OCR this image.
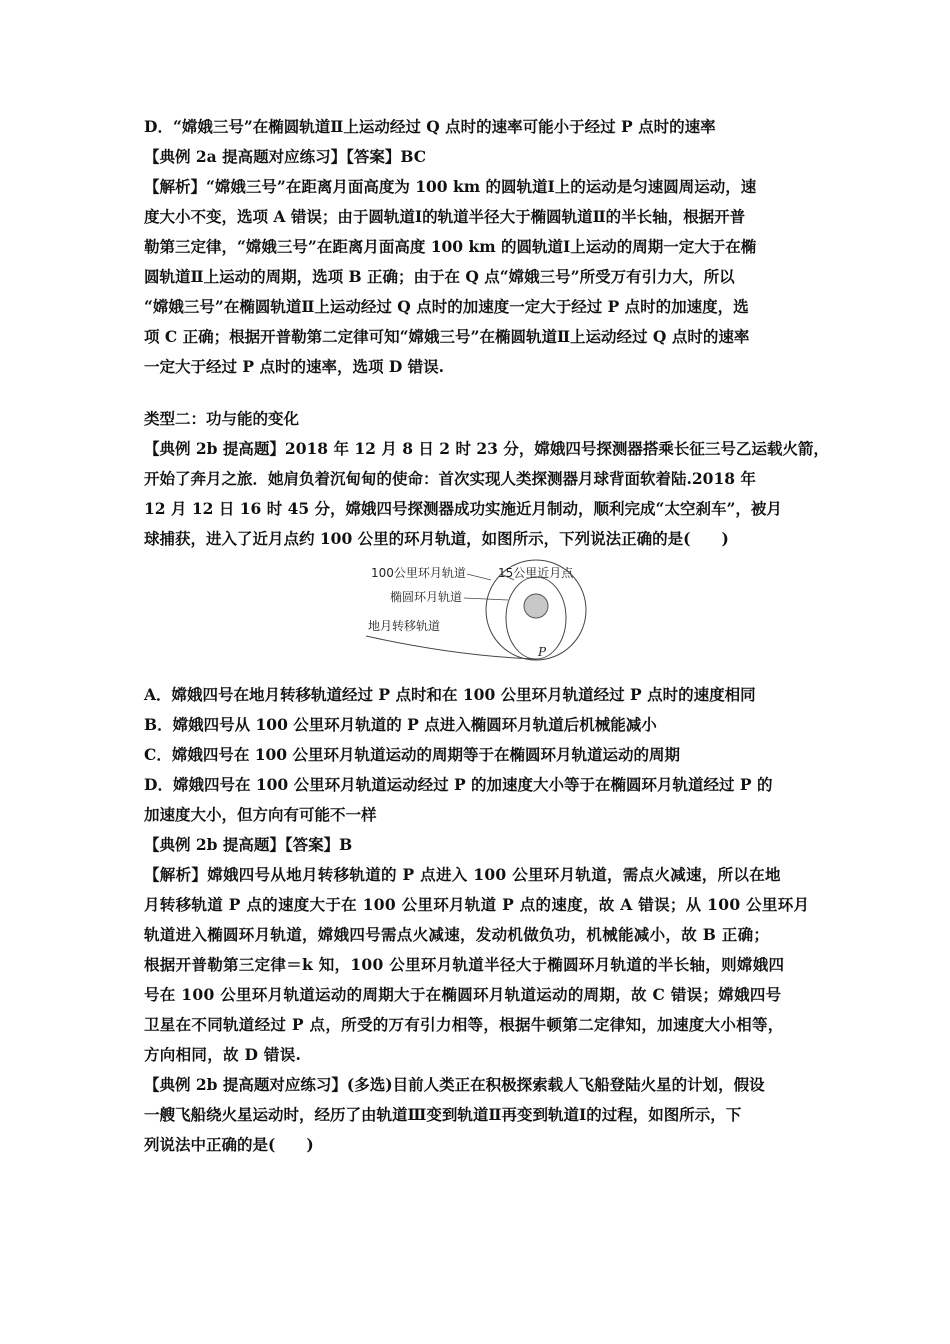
D．“嫦娥三号”在椭圆轨道Ⅱ上运动经过 Q 点时的速率可能小于经过 P 点时的速率
【典例 2a 提高题对应练习】【答案】BC
【解析】“嫦娥三号”在距离月面高度为 100 km 的圆轨道Ⅰ上的运动是匀速圆周运动，速
度大小不变，选项 A 错误；由于圆轨道Ⅰ的轨道半径大于椭圆轨道Ⅱ的半长轴，根据开普
勒第三定律，“嫦娥三号”在距离月面高度 100 km 的圆轨道Ⅰ上运动的周期一定大于在椭
圆轨道Ⅱ上运动的周期，选项 B 正确；由于在 Q 点“嫦娥三号”所受万有引力大，所以
“嫦娥三号”在椭圆轨道Ⅱ上运动经过 Q 点时的加速度一定大于经过 P 点时的加速度，选
项 C 正确；根据开普勒第二定律可知“嫦娥三号”在椭圆轨道Ⅱ上运动经过 Q 点时的速率
一定大于经过 P 点时的速率，选项 D 错误.
类型二：功与能的变化
【典例 2b 提高题】2018 年 12 月 8 日 2 时 23 分，嫦娥四号探测器搭乘长征三号乙运载火箭，
开始了奔月之旅．她肩负着沉甸甸的使命：首次实现人类探测器月球背面软着陆.2018 年
12 月 12 日 16 时 45 分，嫦娥四号探测器成功实施近月制动，顺利完成“太空刹车”，被月
球捕获，进入了近月点约 100 公里的环月轨道，如图所示，下列说法正确的是(　　)
100公里环月轨道	15公里近月点
椭圆环月轨道
地月转移轨道
P
A．嫦娥四号在地月转移轨道经过 P 点时和在 100 公里环月轨道经过 P 点时的速度相同
B．嫦娥四号从 100 公里环月轨道的 P 点进入椭圆环月轨道后机械能减小
C．嫦娥四号在 100 公里环月轨道运动的周期等于在椭圆环月轨道运动的周期
D．嫦娥四号在 100 公里环月轨道运动经过 P 的加速度大小等于在椭圆环月轨道经过 P 的
加速度大小，但方向有可能不一样
【典例 2b 提高题】【答案】B
【解析】嫦娥四号从地月转移轨道的 P 点进入 100 公里环月轨道，需点火减速，所以在地
月转移轨道 P 点的速度大于在 100 公里环月轨道 P 点的速度，故 A 错误；从 100 公里环月
轨道进入椭圆环月轨道，嫦娥四号需点火减速，发动机做负功，机械能减小，故 B 正确；
根据开普勒第三定律＝k 知，100 公里环月轨道半径大于椭圆环月轨道的半长轴，则嫦娥四
号在 100 公里环月轨道运动的周期大于在椭圆环月轨道运动的周期，故 C 错误；嫦娥四号
卫星在不同轨道经过 P 点，所受的万有引力相等，根据牛顿第二定律知，加速度大小相等，
方向相同，故 D 错误.
【典例 2b 提高题对应练习】(多选)目前人类正在积极探索载人飞船登陆火星的计划，假设
一艘飞船绕火星运动时，经历了由轨道Ⅲ变到轨道Ⅱ再变到轨道Ⅰ的过程，如图所示，下
列说法中正确的是(　　)
